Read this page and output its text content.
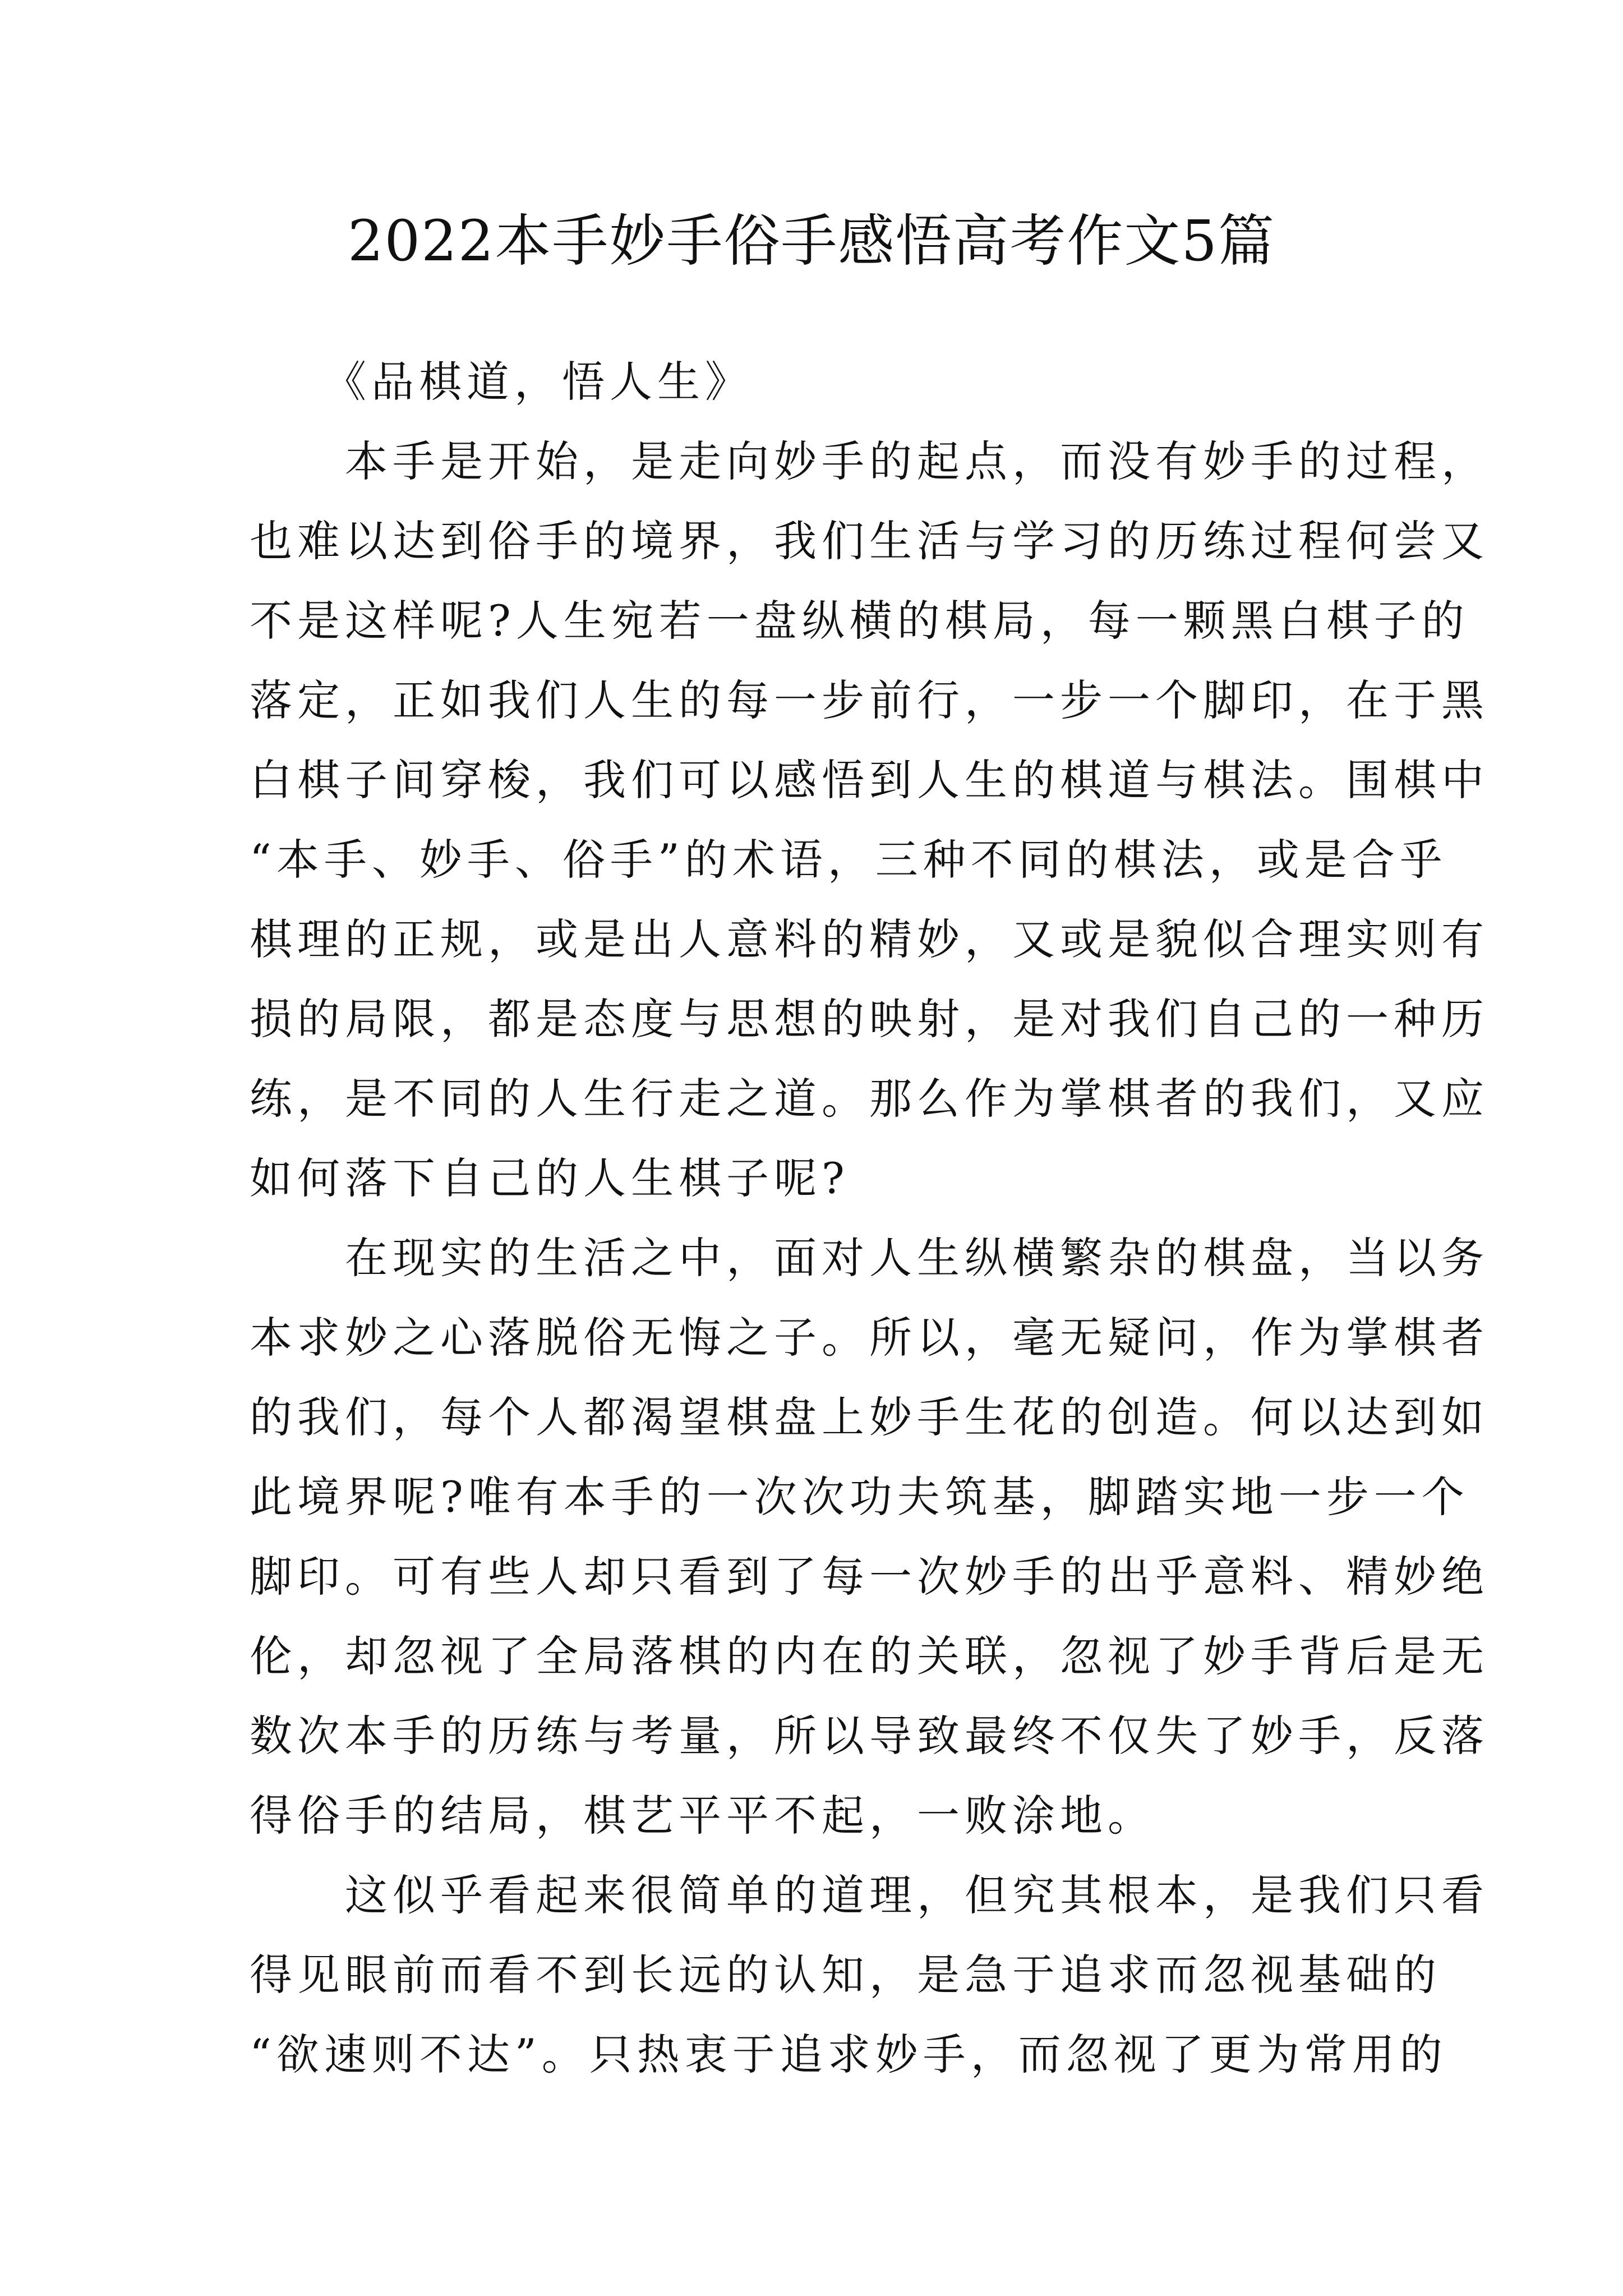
2022本手妙手俗手感悟高考作文5篇
　　《品棋道，悟人生》
　　本手是开始，是走向妙手的起点，而没有妙手的过程，
也难以达到俗手的境界，我们生活与学习的历练过程何尝又
不是这样呢?人生宛若一盘纵横的棋局，每一颗黑白棋子的
落定，正如我们人生的每一步前行，一步一个脚印，在于黑
白棋子间穿梭，我们可以感悟到人生的棋道与棋法。围棋中
“本手、妙手、俗手”的术语，三种不同的棋法，或是合乎
棋理的正规，或是出人意料的精妙，又或是貌似合理实则有
损的局限，都是态度与思想的映射，是对我们自己的一种历
练，是不同的人生行走之道。那么作为掌棋者的我们，又应
如何落下自己的人生棋子呢?
　　在现实的生活之中，面对人生纵横繁杂的棋盘，当以务
本求妙之心落脱俗无悔之子。所以，毫无疑问，作为掌棋者
的我们，每个人都渴望棋盘上妙手生花的创造。何以达到如
此境界呢?唯有本手的一次次功夫筑基，脚踏实地一步一个
脚印。可有些人却只看到了每一次妙手的出乎意料、精妙绝
伦，却忽视了全局落棋的内在的关联，忽视了妙手背后是无
数次本手的历练与考量，所以导致最终不仅失了妙手，反落
得俗手的结局，棋艺平平不起，一败涂地。
　　这似乎看起来很简单的道理，但究其根本，是我们只看
得见眼前而看不到长远的认知，是急于追求而忽视基础的
“欲速则不达”。只热衷于追求妙手，而忽视了更为常用的
